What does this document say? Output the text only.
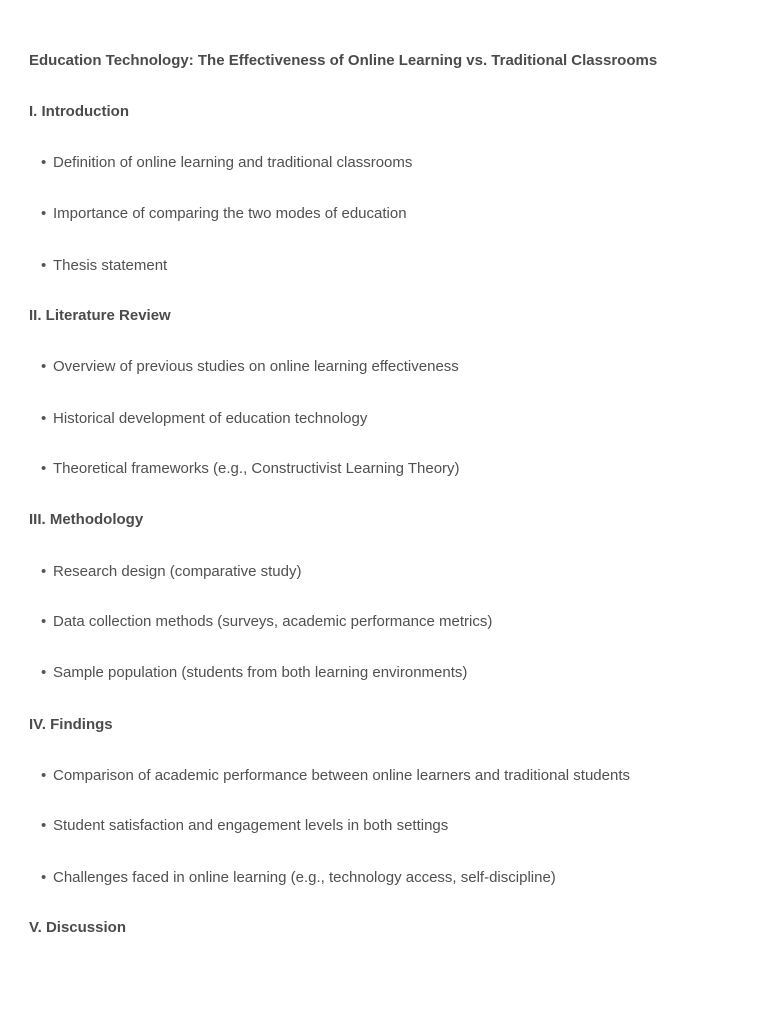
Education Technology: The Effectiveness of Online Learning vs. Traditional Classrooms
I. Introduction
• Definition of online learning and traditional classrooms
• Importance of comparing the two modes of education
• Thesis statement
II. Literature Review
• Overview of previous studies on online learning effectiveness
• Historical development of education technology
• Theoretical frameworks (e.g., Constructivist Learning Theory)
III. Methodology
• Research design (comparative study)
• Data collection methods (surveys, academic performance metrics)
• Sample population (students from both learning environments)
IV. Findings
• Comparison of academic performance between online learners and traditional students
• Student satisfaction and engagement levels in both settings
• Challenges faced in online learning (e.g., technology access, self-discipline)
V. Discussion
